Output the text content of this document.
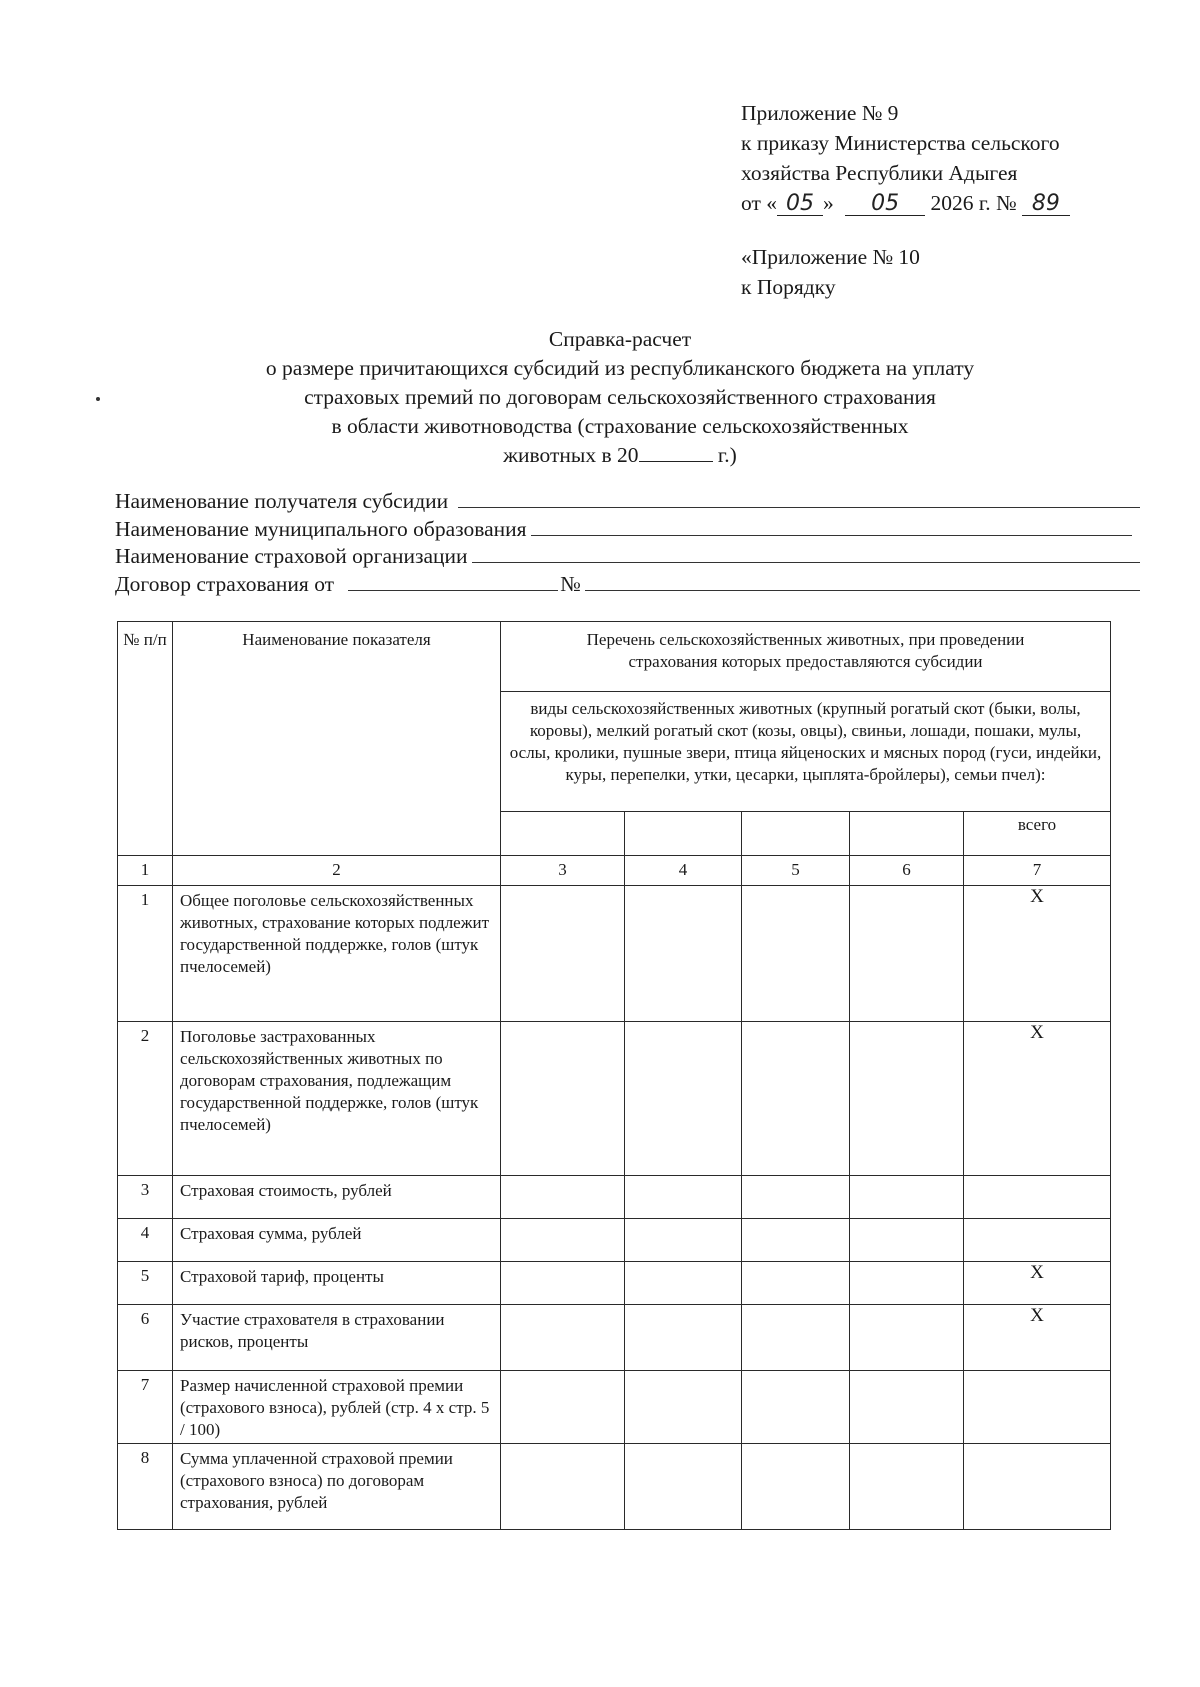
Приложение № 9
к приказу Министерства сельского
хозяйства Республики Адыгея
от « 05 » 05 2026 г. № 89
«Приложение № 10
к Порядку
Справка-расчет
о размере причитающихся субсидий из республиканского бюджета на уплату
страховых премий по договорам сельскохозяйственного страхования
в области животноводства (страхование сельскохозяйственных
животных в 20	г.)
Наименование получателя субсидии
Наименование муниципального образования
Наименование страховой организации
Договор страхования от	№
№ п/п	Наименование показателя	Перечень сельскохозяйственных животных, при проведении страхования которых предоставляются субсидии				
		виды сельскохозяйственных животных (крупный рогатый скот (быки, волы, коровы), мелкий рогатый скот (козы, овцы), свиньи, лошади, пошаки, мулы, ослы, кролики, пушные звери, птица яйценоских и мясных пород (гуси, индейки, куры, перепелки, утки, цесарки, цыплята-бройлеры), семьи пчел):				
						всего
1	2	3	4	5	6	7
1	Общее поголовье сельскохозяйственных животных, страхование которых подлежит государственной поддержке, голов (штук пчелосемей)					Х
2	Поголовье застрахованных сельскохозяйственных животных по договорам страхования, подлежащим государственной поддержке, голов (штук пчелосемей)					Х
3	Страховая стоимость, рублей					
4	Страховая сумма, рублей					
5	Страховой тариф, проценты					Х
6	Участие страхователя в страховании рисков, проценты					Х
7	Размер начисленной страховой премии (страхового взноса), рублей (стр. 4 х стр. 5 / 100)					
8	Сумма уплаченной страховой премии (страхового взноса) по договорам страхования, рублей					
